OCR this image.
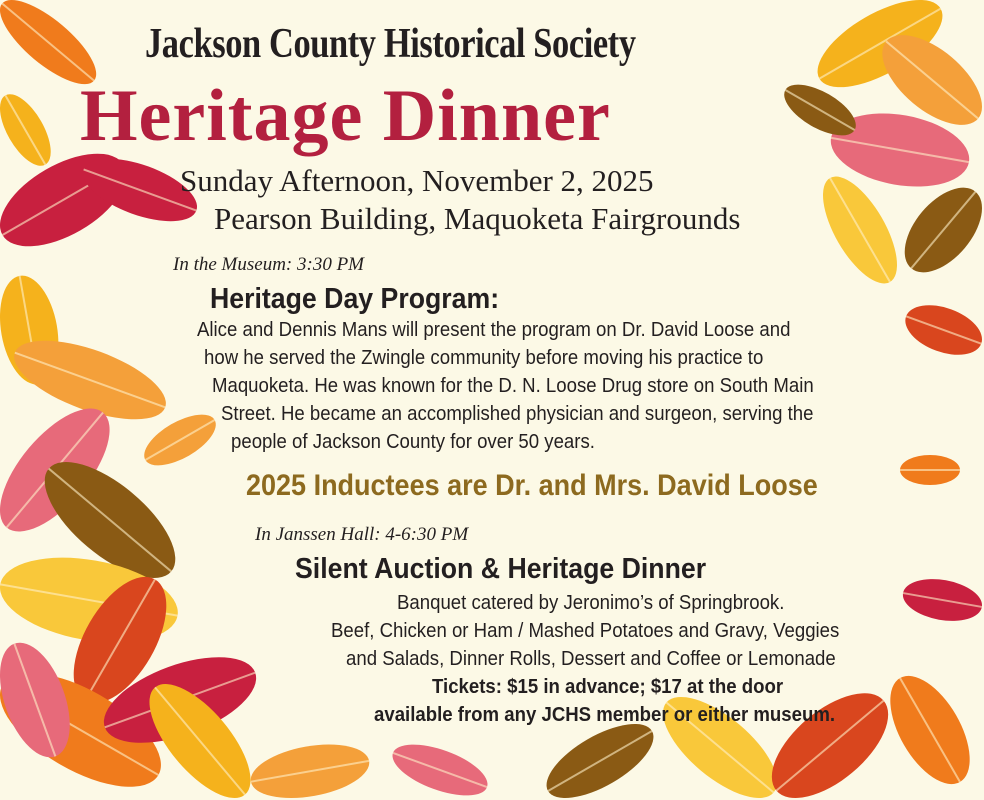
Jackson County Historical Society
Heritage Dinner
Sunday Afternoon, November 2, 2025
Pearson Building, Maquoketa Fairgrounds
In the Museum: 3:30 PM
Heritage Day Program:
Alice and Dennis Mans will present the program on Dr. David Loose and
how he served the Zwingle community before moving his practice to
Maquoketa. He was known for the D. N. Loose Drug store on South Main
Street. He became an accomplished physician and surgeon, serving the
people of Jackson County for over 50 years.
2025 Inductees are Dr. and Mrs. David Loose
In Janssen Hall: 4-6:30 PM
Silent Auction & Heritage Dinner
Banquet catered by Jeronimo’s of Springbrook.
Beef, Chicken or Ham / Mashed Potatoes and Gravy, Veggies
and Salads, Dinner Rolls, Dessert and Coffee or Lemonade
Tickets: $15 in advance; $17 at the door
available from any JCHS member or either museum.
